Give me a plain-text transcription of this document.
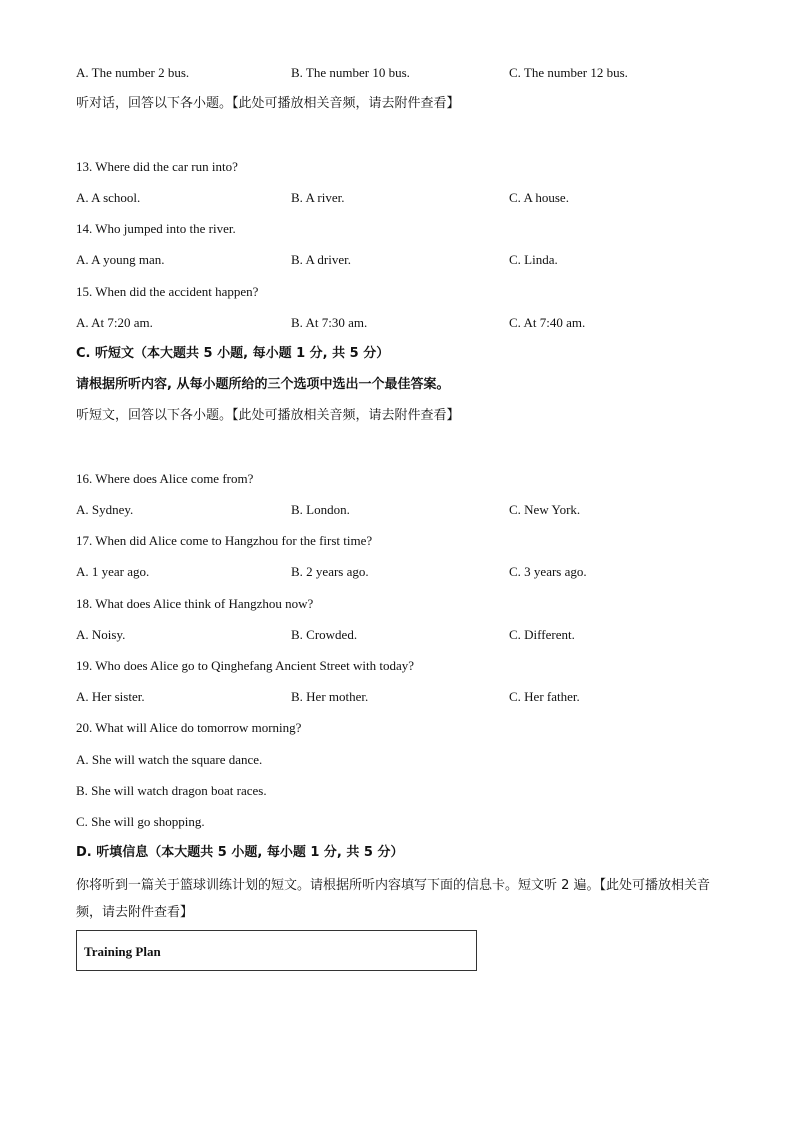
A. The number 2 bus.	B. The number 10 bus.	C. The number 12 bus.
听对话，回答以下各小题。【此处可播放相关音频，请去附件查看】
13. Where did the car run into?
A. A school.	B. A river.	C. A house.
14. Who jumped into the river.
A. A young man.	B. A driver.	C. Linda.
15. When did the accident happen?
A. At 7:20 am.	B. At 7:30 am.	C. At 7:40 am.
C. 听短文（本大题共 5 小题, 每小题 1 分, 共 5 分）
请根据所听内容, 从每小题所给的三个选项中选出一个最佳答案。
听短文，回答以下各小题。【此处可播放相关音频，请去附件查看】
16. Where does Alice come from?
A. Sydney.	B. London.	C. New York.
17. When did Alice come to Hangzhou for the first time?
A. 1 year ago.	B. 2 years ago.	C. 3 years ago.
18. What does Alice think of Hangzhou now?
A. Noisy.	B. Crowded.	C. Different.
19. Who does Alice go to Qinghefang Ancient Street with today?
A. Her sister.	B. Her mother.	C. Her father.
20. What will Alice do tomorrow morning?
A. She will watch the square dance.
B. She will watch dragon boat races.
C. She will go shopping.
D. 听填信息（本大题共 5 小题, 每小题 1 分, 共 5 分）
你将听到一篇关于篮球训练计划的短文。请根据所听内容填写下面的信息卡。短文听 2 遍。【此处可播放相关音频，请去附件查看】
Training Plan
